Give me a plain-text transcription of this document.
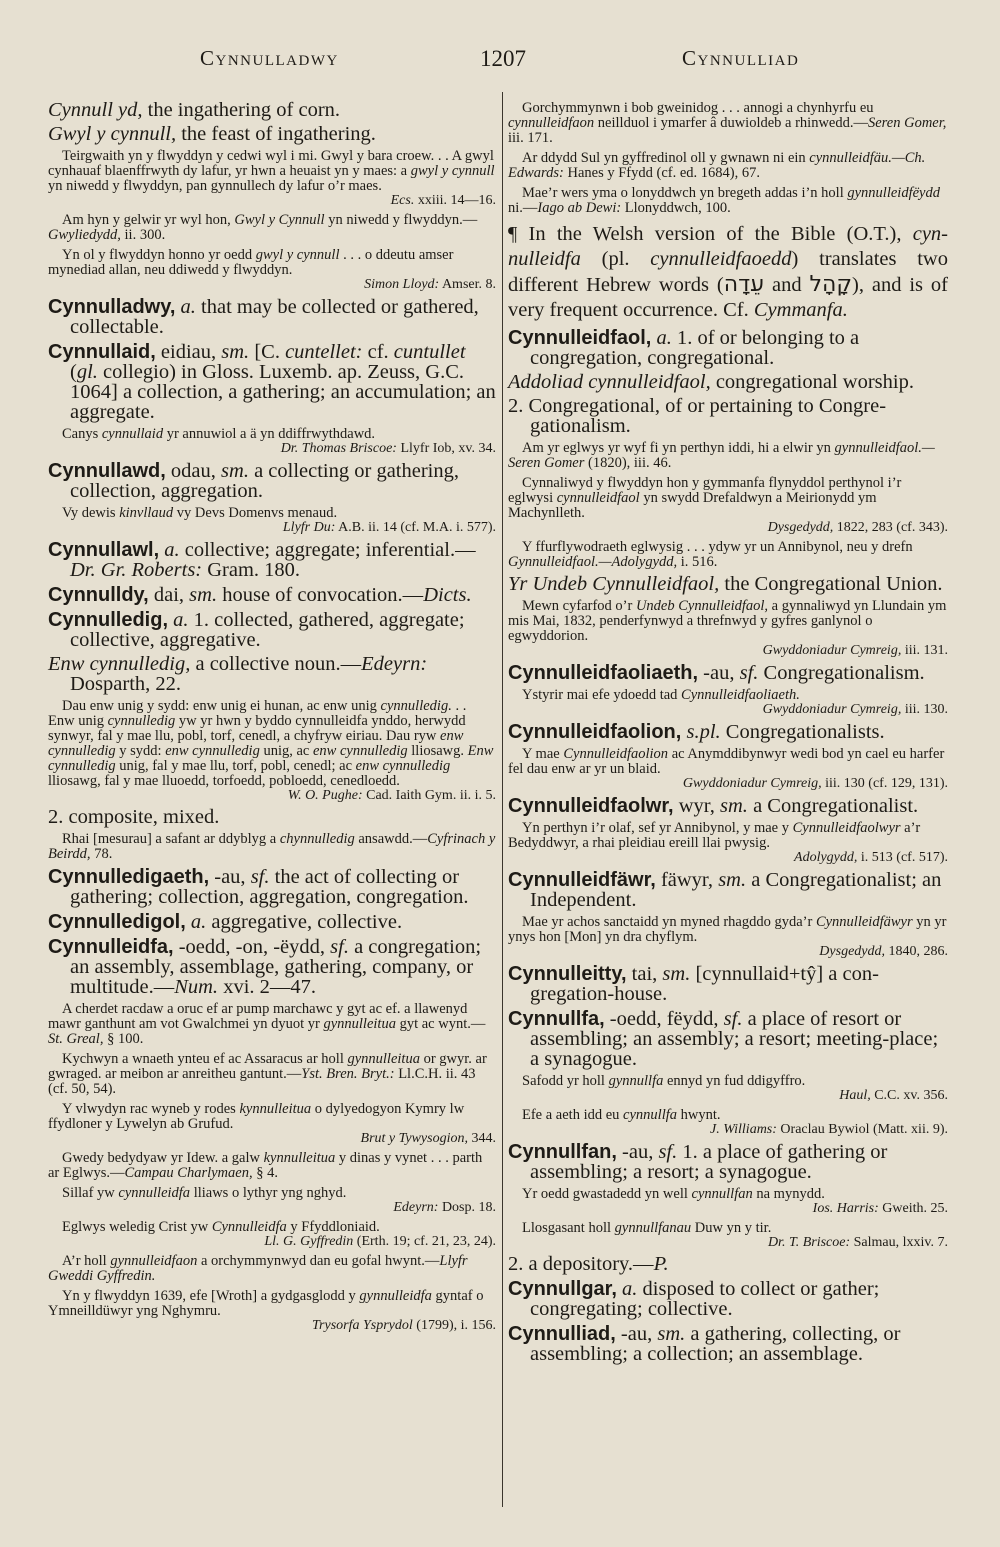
Cynnulladwy	1207	Cynnulliad

Cynnull yd, the ingathering of corn.

Gwyl y cynnull, the feast of ingathering.

Teirgwaith yn y flwyddyn y cedwi wyl i mi. Gwyl y bara croew. . . A gwyl cynhauaf blaenffrwyth dy lafur, yr hwn a heuaist yn y maes: a gwyl y cynnull yn niwedd y flwyddyn, pan gynnullech dy lafur o’r maes.

Ecs. xxiii. 14—16.

Am hyn y gelwir yr wyl hon, Gwyl y Cynnull yn niwedd y flwyddyn.—Gwyliedydd, ii. 300.

Yn ol y flwyddyn honno yr oedd gwyl y cynnull . . . o ddeutu amser mynediad allan, neu ddiwedd y flwyddyn.

Simon Lloyd: Amser. 8.

Cynnulladwy, a. that may be collected or gathered, collectable.

Cynnullaid, eidiau, sm. [C. cuntellet: cf. cuntullet (gl. collegio) in Gloss. Luxemb. ap. Zeuss, G.C. 1064] a collection, a gathering; an accumulation; an aggregate.

Canys cynnullaid yr annuwiol a ä yn ddiffrwythdawd.

Dr. Thomas Briscoe: Llyfr Iob, xv. 34.

Cynnullawd, odau, sm. a collecting or gathering, collection, aggregation.

Vy dewis kinvllaud vy Devs Domenvs menaud.

Llyfr Du: A.B. ii. 14 (cf. M.A. i. 577).

Cynnullawl, a. collective; aggregate; inferential.—Dr. Gr. Roberts: Gram. 180.

Cynnulldy, dai, sm. house of convocation.—Dicts.

Cynnulledig, a. 1. collected, gathered, aggregate; collective, aggregative.

Enw cynnulledig, a collective noun.—Edeyrn: Dosparth, 22.

Dau enw unig y sydd: enw unig ei hunan, ac enw unig cynnulledig. . . Enw unig cynnulledig yw yr hwn y byddo cynnulleidfa ynddo, herwydd synwyr, fal y mae llu, pobl, torf, cenedl, a chyfryw eiriau. Dau ryw enw cynnulledig y sydd: enw cynnulledig unig, ac enw cynnulledig lliosawg. Enw cynnulledig unig, fal y mae llu, torf, pobl, cenedl; ac enw cynnulledig lliosawg, fal y mae lluoedd, torfoedd, pobloedd, cenedloedd.

W. O. Pughe: Cad. Iaith Gym. ii. i. 5.

2. composite, mixed.

Rhai [mesurau] a safant ar ddyblyg a chynnulledig ansawdd.—Cyfrinach y Beirdd, 78.

Cynnulledigaeth, -au, sf. the act of collecting or gathering; collection, aggregation, congregation.

Cynnulledigol, a. aggregative, collective.

Cynnulleidfa, -oedd, -on, -ëydd, sf. a congregation; an assembly, assemblage, gathering, company, or multitude.—Num. xvi. 2—47.

A cherdet racdaw a oruc ef ar pump marchawc y gyt ac ef. a llawenyd mawr ganthunt am vot Gwalchmei yn dyuot yr gynnulleitua gyt ac wynt.—St. Greal, § 100.

Kychwyn a wnaeth ynteu ef ac Assaracus ar holl gynnulleitua or gwyr. ar gwraged. ar meibon ar anreitheu gantunt.—Yst. Bren. Bryt.: Ll.C.H. ii. 43 (cf. 50, 54).

Y vlwydyn rac wyneb y rodes kynnulleitua o dylyedogyon Kymry lw ffydloner y Lywelyn ab Grufud.

Brut y Tywysogion, 344.

Gwedy bedydyaw yr Idew. a galw kynnulleitua y dinas y vynet . . . parth ar Eglwys.—Campau Charlymaen, § 4.

Sillaf yw cynnulleidfa lliaws o lythyr yng nghyd.

Edeyrn: Dosp. 18.

Eglwys weledig Crist yw Cynnulleidfa y Ffyddloniaid.

Ll. G. Gyffredin (Erth. 19; cf. 21, 23, 24).

A’r holl gynnulleidfaon a orchymmynwyd dan eu gofal hwynt.—Llyfr Gweddi Gyffredin.

Yn y flwyddyn 1639, efe [Wroth] a gydgasglodd y gynnulleidfa gyntaf o Ymneilldüwyr yng Nghymru.

Trysorfa Ysprydol (1799), i. 156.

Gorchymmynwn i bob gweinidog . . . annogi a chynhyrfu eu cynnulleidfaon neillduol i ymarfer â duwioldeb a rhinwedd.—Seren Gomer, iii. 171.

Ar ddydd Sul yn gyffredinol oll y gwnawn ni ein cynnulleidfäu.—Ch. Edwards: Hanes y Ffydd (cf. ed. 1684), 67.

Mae’r wers yma o lonyddwch yn bregeth addas i’n holl gynnulleidfëydd ni.—Iago ab Dewi: Llonyddwch, 100.

¶ In the Welsh version of the Bible (O.T.), cynnulleidfa (pl. cynnulleidfaoedd) translates two different Hebrew words (עֵדָה and קָהָל), and is of very frequent occurrence. Cf. Cymmanfa.

Cynnulleidfaol, a. 1. of or belonging to a congregation, congregational.

Addoliad cynnulleidfaol, congregational worship.

2. Congregational, of or pertaining to Congregationalism.

Am yr eglwys yr wyf fi yn perthyn iddi, hi a elwir yn gynnulleidfaol.—Seren Gomer (1820), iii. 46.

Cynnaliwyd y flwyddyn hon y gymmanfa flynyddol perthynol i’r eglwysi cynnulleidfaol yn swydd Drefaldwyn a Meirionydd ym Machynlleth.

Dysgedydd, 1822, 283 (cf. 343).

Y ffurflywodraeth eglwysig . . . ydyw yr un Annibynol, neu y drefn Gynnulleidfaol.—Adolygydd, i. 516.

Yr Undeb Cynnulleidfaol, the Congregational Union.

Mewn cyfarfod o’r Undeb Cynnulleidfaol, a gynnaliwyd yn Llundain ym mis Mai, 1832, penderfynwyd a threfnwyd y gyfres ganlynol o egwyddorion.

Gwyddoniadur Cymreig, iii. 131.

Cynnulleidfaoliaeth, -au, sf. Congregationalism.

Ystyrir mai efe ydoedd tad Cynnulleidfaoliaeth.

Gwyddoniadur Cymreig, iii. 130.

Cynnulleidfaolion, s.pl. Congregationalists.

Y mae Cynnulleidfaolion ac Anymddibynwyr wedi bod yn cael eu harfer fel dau enw ar yr un blaid.

Gwyddoniadur Cymreig, iii. 130 (cf. 129, 131).

Cynnulleidfaolwr, wyr, sm. a Congregationalist.

Yn perthyn i’r olaf, sef yr Annibynol, y mae y Cynnulleidfaolwyr a’r Bedyddwyr, a rhai pleidiau ereill llai pwysig.

Adolygydd, i. 513 (cf. 517).

Cynnulleidfäwr, fäwyr, sm. a Congregationalist; an Independent.

Mae yr achos sanctaidd yn myned rhagddo gyda’r Cynnulleidfäwyr yn yr ynys hon [Mon] yn dra chyflym.

Dysgedydd, 1840, 286.

Cynnulleitty, tai, sm. [cynnullaid+tŷ] a congregation-house.

Cynnullfa, -oedd, fëydd, sf. a place of resort or assembling; an assembly; a resort; meeting-place; a synagogue.

Safodd yr holl gynnullfa ennyd yn fud ddigyffro.

Haul, C.C. xv. 356.

Efe a aeth idd eu cynnullfa hwynt.

J. Williams: Oraclau Bywiol (Matt. xii. 9).

Cynnullfan, -au, sf. 1. a place of gathering or assembling; a resort; a synagogue.

Yr oedd gwastadedd yn well cynnullfan na mynydd.

Ios. Harris: Gweith. 25.

Llosgasant holl gynnullfanau Duw yn y tir.

Dr. T. Briscoe: Salmau, lxxiv. 7.

2. a depository.—P.

Cynnullgar, a. disposed to collect or gather; congregating; collective.

Cynnulliad, -au, sm. a gathering, collecting, or assembling; a collection; an assemblage.
